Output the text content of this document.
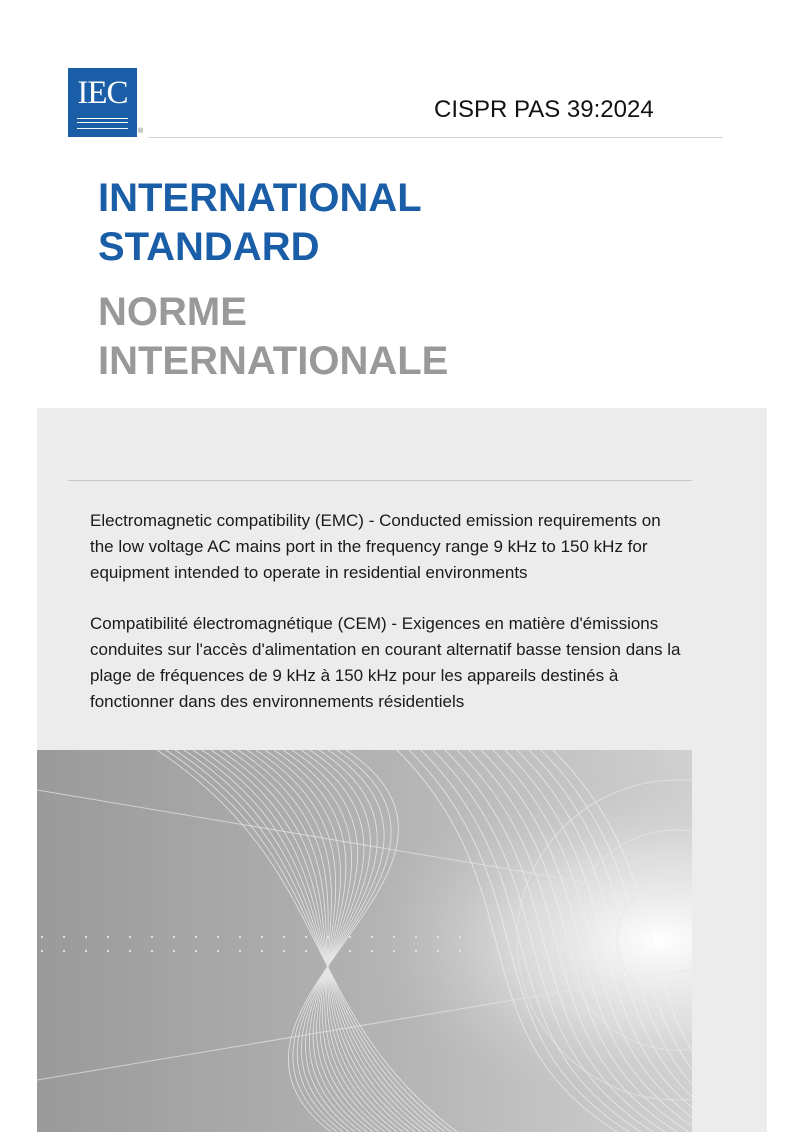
IEC
®
CISPR PAS 39:2024
INTERNATIONAL
STANDARD
NORME
INTERNATIONALE
Electromagnetic compatibility (EMC) - Conducted emission requirements on the low voltage AC mains port in the frequency range 9 kHz to 150 kHz for equipment intended to operate in residential environments
Compatibilité électromagnétique (CEM) - Exigences en matière d'émissions conduites sur l'accès d'alimentation en courant alternatif basse tension dans la plage de fréquences de 9 kHz à 150 kHz pour les appareils destinés à fonctionner dans des environnements résidentiels
